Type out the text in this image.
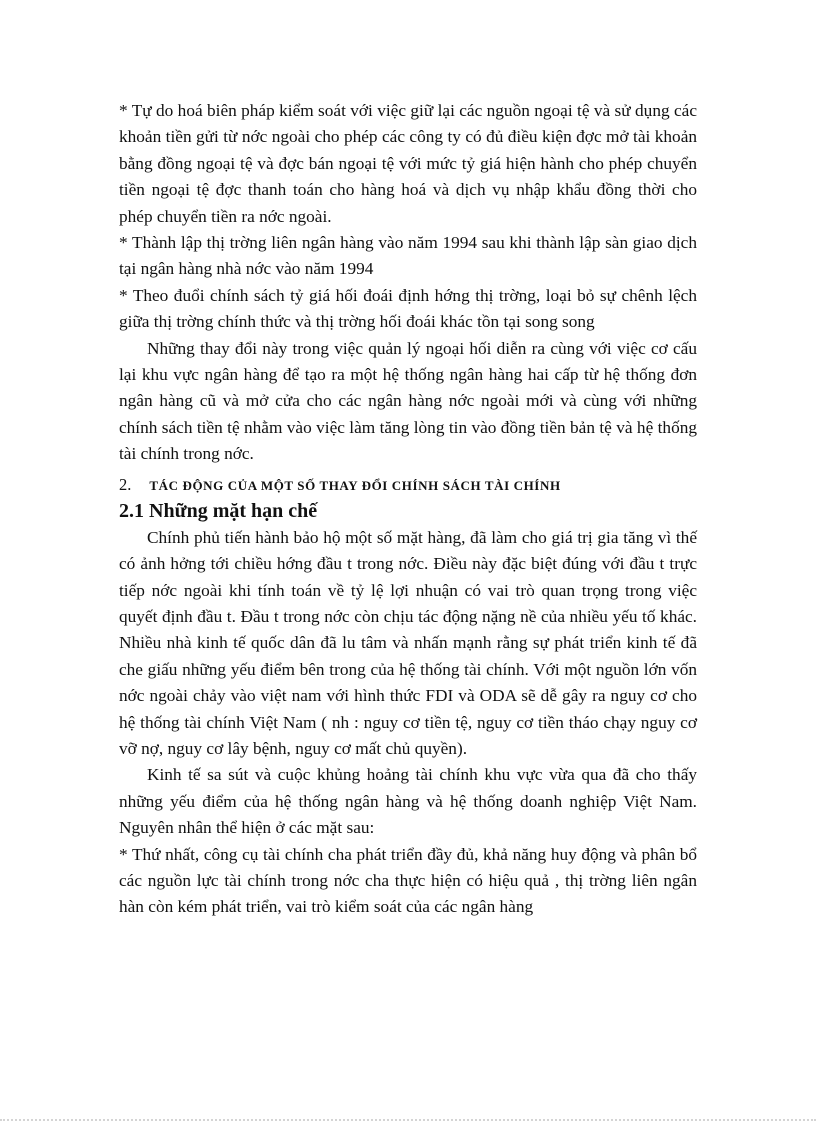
* Tự do hoá biên pháp kiểm soát với việc giữ lại các nguồn ngoại tệ và sử dụng các khoản tiền gửi từ nớc ngoài cho phép các công ty có đủ điều kiện đợc mở tài khoản bằng đồng ngoại tệ và đợc bán ngoại tệ với mức tỷ giá hiện hành cho phép chuyển tiền ngoại tệ đợc thanh toán cho hàng hoá và dịch vụ nhập khẩu đồng thời cho phép chuyển tiền ra nớc ngoài.

* Thành lập thị trờng liên ngân hàng vào năm 1994 sau khi thành lập sàn giao dịch tại ngân hàng nhà nớc vào năm 1994

* Theo đuổi chính sách tỷ giá hối đoái định hớng thị trờng, loại bỏ sự chênh lệch giữa thị trờng chính thức và thị trờng hối đoái khác tồn tại song song

Những thay đổi này trong việc quản lý ngoại hối diễn ra cùng với việc cơ cấu lại khu vực ngân hàng để tạo ra một hệ thống ngân hàng hai cấp từ hệ thống đơn ngân hàng cũ và mở cửa cho các ngân hàng nớc ngoài mới và cùng với những chính sách tiền tệ nhằm vào việc làm tăng lòng tin vào đồng tiền bản tệ và hệ thống tài chính trong nớc.

2. TÁC ĐỘNG CỦA MỘT SỐ THAY ĐỔI CHÍNH SÁCH TÀI CHÍNH
2.1 Những mặt hạn chế

Chính phủ tiến hành bảo hộ một số mặt hàng, đã làm cho giá trị gia tăng vì thế có ảnh hởng tới chiều hớng đầu t trong nớc. Điều này đặc biệt đúng với đầu t trực tiếp nớc ngoài khi tính toán về tỷ lệ lợi nhuận có vai trò quan trọng trong việc quyết định đầu t. Đầu t trong nớc còn chịu tác động nặng nề của nhiều yếu tố khác. Nhiều nhà kinh tế quốc dân đã lu tâm và nhấn mạnh rằng sự phát triển kinh tế đã che giấu những yếu điểm bên trong của hệ thống tài chính. Với một nguồn lớn vốn nớc ngoài chảy vào việt nam với hình thức FDI và ODA sẽ dễ gây ra nguy cơ cho hệ thống tài chính Việt Nam ( nh : nguy cơ tiền tệ, nguy cơ tiền tháo chạy nguy cơ vỡ nợ, nguy cơ lây bệnh, nguy cơ mất chủ quyền).

Kinh tế sa sút và cuộc khủng hoảng tài chính khu vực vừa qua đã cho thấy những yếu điểm của hệ thống ngân hàng và hệ thống doanh nghiệp Việt Nam. Nguyên nhân thể hiện ở các mặt sau:

* Thứ nhất, công cụ tài chính cha phát triển đầy đủ, khả năng huy động và phân bổ các nguồn lực tài chính trong nớc cha thực hiện có hiệu quả , thị trờng liên ngân hàn còn kém phát triển, vai trò kiểm soát của các ngân hàng
